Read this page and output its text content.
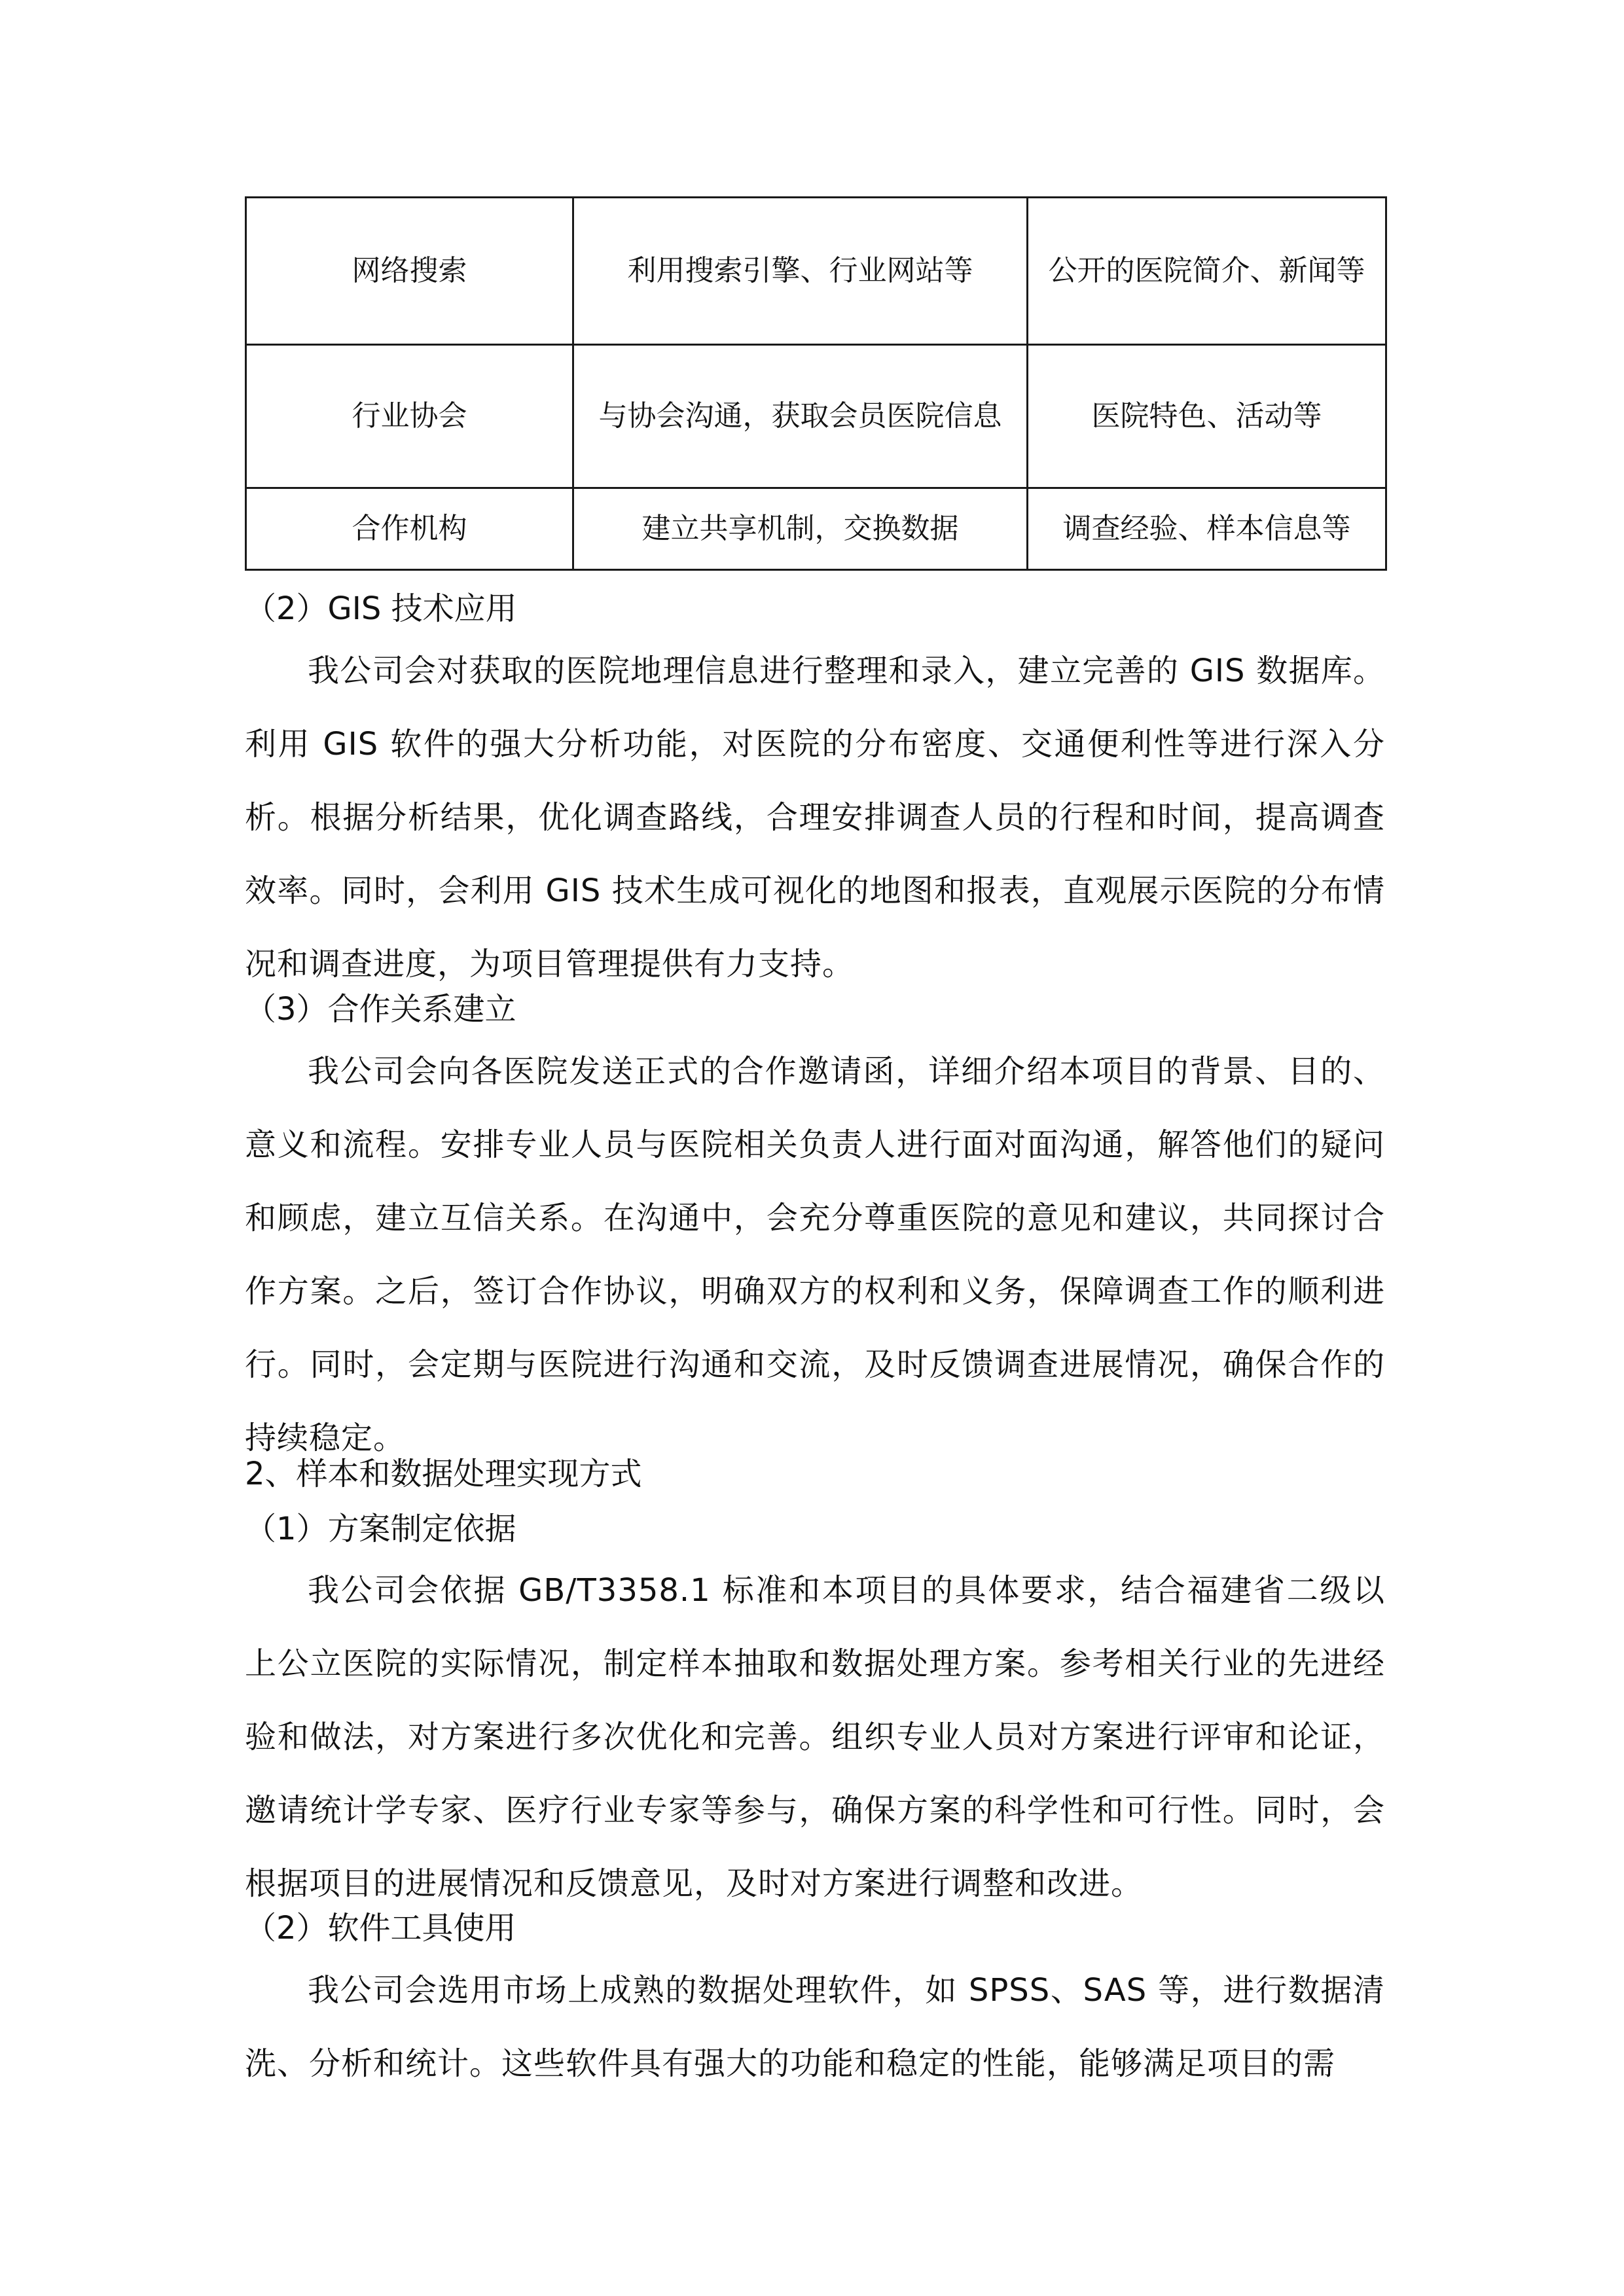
网络搜索	利用搜索引擎、行业网站等	公开的医院简介、新闻等
行业协会	与协会沟通，获取会员医院信息	医院特色、活动等
合作机构	建立共享机制，交换数据	调查经验、样本信息等

（2）GIS 技术应用

我公司会对获取的医院地理信息进行整理和录入，建立完善的 GIS 数据库。利用 GIS 软件的强大分析功能，对医院的分布密度、交通便利性等进行深入分析。根据分析结果，优化调查路线，合理安排调查人员的行程和时间，提高调查效率。同时，会利用 GIS 技术生成可视化的地图和报表，直观展示医院的分布情况和调查进度，为项目管理提供有力支持。

（3）合作关系建立

我公司会向各医院发送正式的合作邀请函，详细介绍本项目的背景、目的、意义和流程。安排专业人员与医院相关负责人进行面对面沟通，解答他们的疑问和顾虑，建立互信关系。在沟通中，会充分尊重医院的意见和建议，共同探讨合作方案。之后，签订合作协议，明确双方的权利和义务，保障调查工作的顺利进行。同时，会定期与医院进行沟通和交流，及时反馈调查进展情况，确保合作的持续稳定。

2、样本和数据处理实现方式

（1）方案制定依据

我公司会依据 GB/T3358.1 标准和本项目的具体要求，结合福建省二级以上公立医院的实际情况，制定样本抽取和数据处理方案。参考相关行业的先进经验和做法，对方案进行多次优化和完善。组织专业人员对方案进行评审和论证，邀请统计学专家、医疗行业专家等参与，确保方案的科学性和可行性。同时，会根据项目的进展情况和反馈意见，及时对方案进行调整和改进。

（2）软件工具使用

我公司会选用市场上成熟的数据处理软件，如 SPSS、SAS 等，进行数据清洗、分析和统计。这些软件具有强大的功能和稳定的性能，能够满足项目的需
